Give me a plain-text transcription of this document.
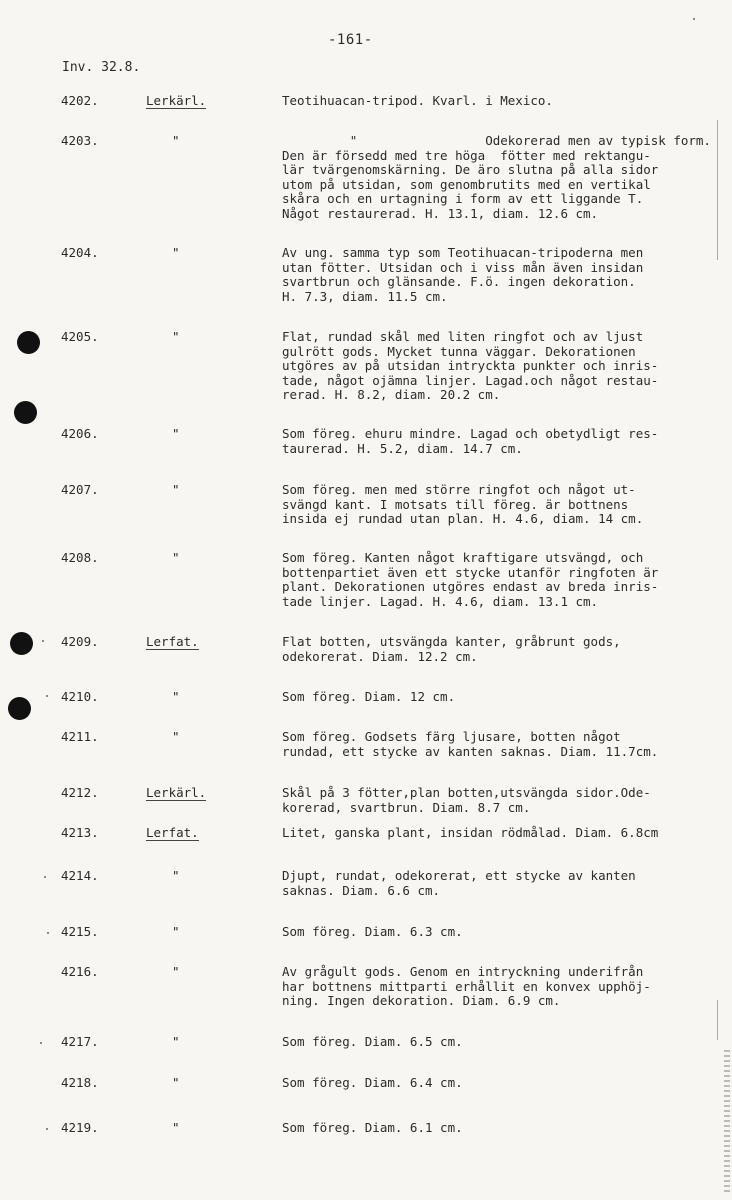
-161-
Inv. 32.8.
4202.	Lerkärl.	Teotihuacan-tripod. Kvarl. i Mexico.
4203.	"	"                 Odekorerad men av typisk form.
Den är försedd med tre höga  fötter med rektangu-
lär tvärgenomskärning. De äro slutna på alla sidor
utom på utsidan, som genombrutits med en vertikal
skåra och en urtagning i form av ett liggande T.
Något restaurerad. H. 13.1, diam. 12.6 cm.
4204.	"	Av ung. samma typ som Teotihuacan-tripoderna men
utan fötter. Utsidan och i viss mån även insidan
svartbrun och glänsande. F.ö. ingen dekoration.
H. 7.3, diam. 11.5 cm.
4205.	"	Flat, rundad skål med liten ringfot och av ljust
gulrött gods. Mycket tunna väggar. Dekorationen
utgöres av på utsidan intryckta punkter och inris-
tade, något ojämna linjer. Lagad.och något restau-
rerad. H. 8.2, diam. 20.2 cm.
4206.	"	Som föreg. ehuru mindre. Lagad och obetydligt res-
taurerad. H. 5.2, diam. 14.7 cm.
4207.	"	Som föreg. men med större ringfot och något ut-
svängd kant. I motsats till föreg. är bottnens
insida ej rundad utan plan. H. 4.6, diam. 14 cm.
4208.	"	Som föreg. Kanten något kraftigare utsvängd, och
bottenpartiet även ett stycke utanför ringfoten är
plant. Dekorationen utgöres endast av breda inris-
tade linjer. Lagad. H. 4.6, diam. 13.1 cm.
4209.	Lerfat.	Flat botten, utsvängda kanter, gråbrunt gods,
odekorerat. Diam. 12.2 cm.
4210.	"	Som föreg. Diam. 12 cm.
4211.	"	Som föreg. Godsets färg ljusare, botten något
rundad, ett stycke av kanten saknas. Diam. 11.7cm.
4212.	Lerkärl.	Skål på 3 fötter,plan botten,utsvängda sidor.Ode-
korerad, svartbrun. Diam. 8.7 cm.
4213.	Lerfat.	Litet, ganska plant, insidan rödmålad. Diam. 6.8cm
4214.	"	Djupt, rundat, odekorerat, ett stycke av kanten
saknas. Diam. 6.6 cm.
4215.	"	Som föreg. Diam. 6.3 cm.
4216.	"	Av grågult gods. Genom en intryckning underifrån
har bottnens mittparti erhållit en konvex upphöj-
ning. Ingen dekoration. Diam. 6.9 cm.
4217.	"	Som föreg. Diam. 6.5 cm.
4218.	"	Som föreg. Diam. 6.4 cm.
4219.	"	Som föreg. Diam. 6.1 cm.
